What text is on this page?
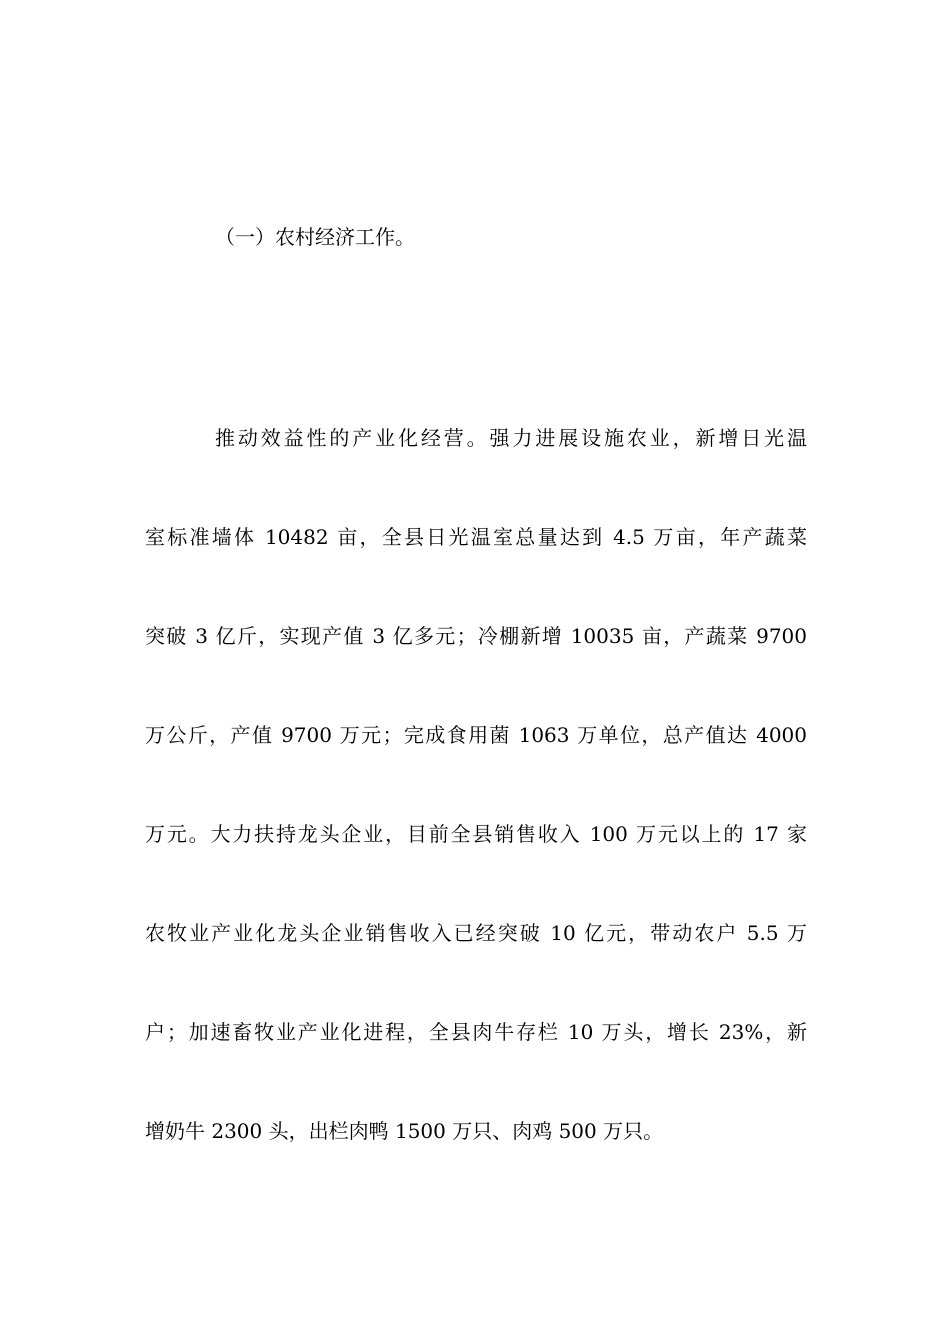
（一）农村经济工作。
推动效益性的产业化经营。强力进展设施农业，新增日光温
室标准墙体 10482 亩，全县日光温室总量达到 4.5 万亩，年产蔬菜
突破 3 亿斤，实现产值 3 亿多元；冷棚新增 10035 亩，产蔬菜 9700
万公斤，产值 9700 万元；完成食用菌 1063 万单位，总产值达 4000
万元。大力扶持龙头企业，目前全县销售收入 100 万元以上的 17 家
农牧业产业化龙头企业销售收入已经突破 10 亿元，带动农户 5.5 万
户；加速畜牧业产业化进程，全县肉牛存栏 10 万头，增长 23%，新
增奶牛 2300 头，出栏肉鸭 1500 万只、肉鸡 500 万只。
